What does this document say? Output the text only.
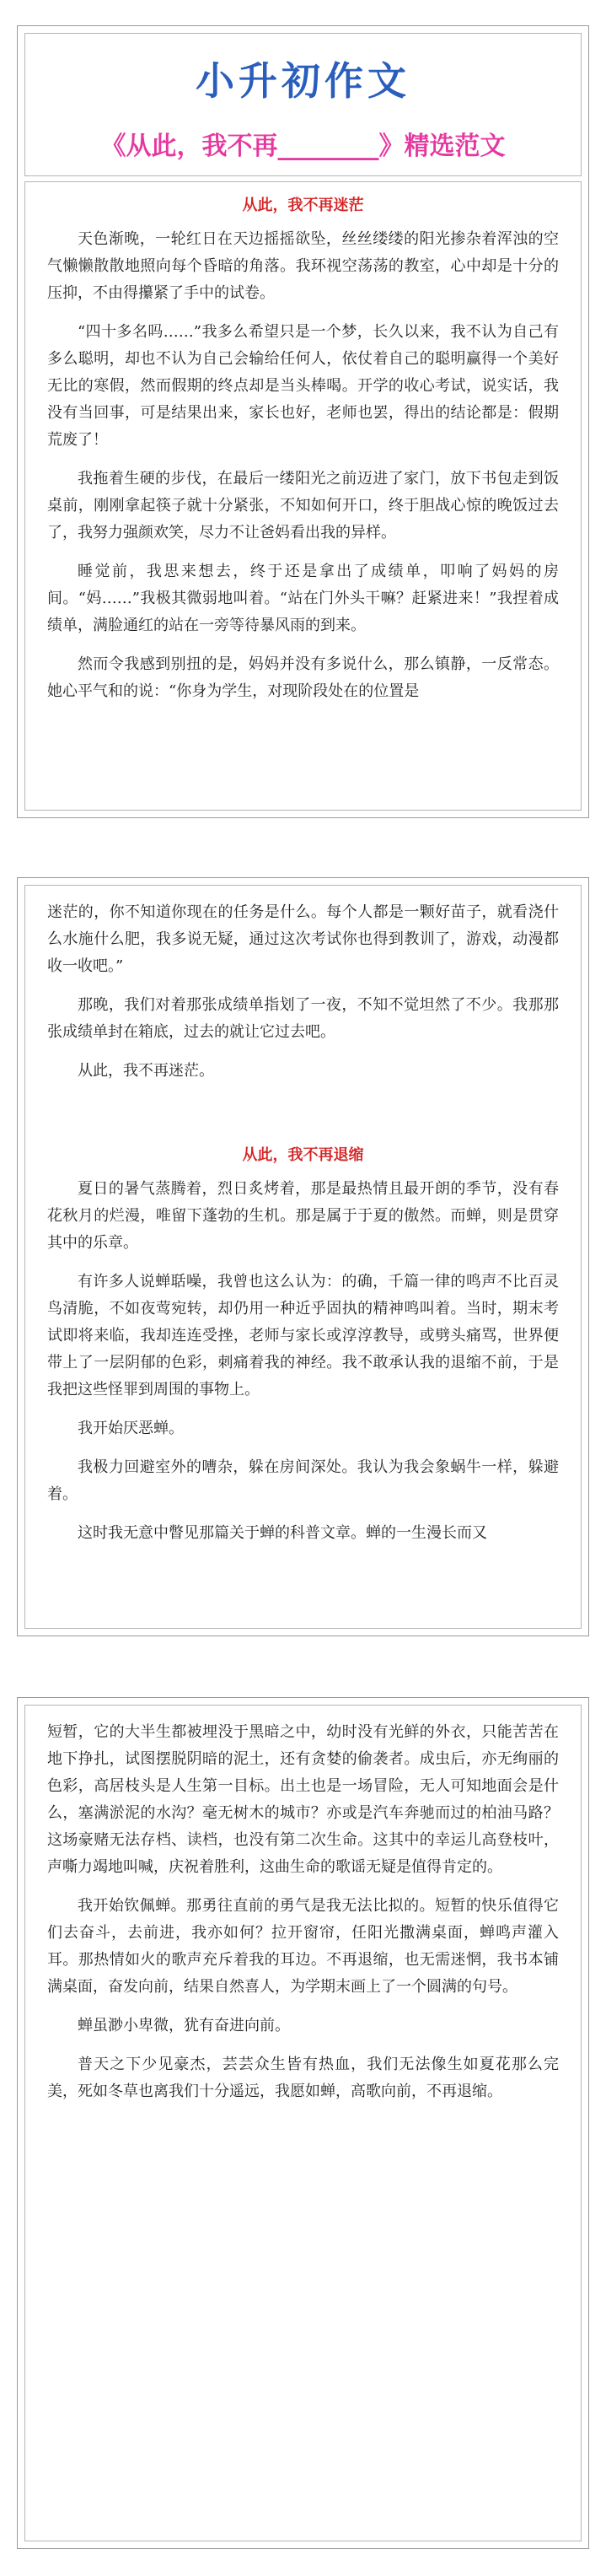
小升初作文
《从此，我不再________》精选范文
从此，我不再迷茫

天色渐晚，一轮红日在天边摇摇欲坠，丝丝缕缕的阳光掺杂着浑浊的空气懒懒散散地照向每个昏暗的角落。我环视空荡荡的教室，心中却是十分的压抑，不由得攥紧了手中的试卷。

“四十多名吗……”我多么希望只是一个梦，长久以来，我不认为自己有多么聪明，却也不认为自己会输给任何人，依仗着自己的聪明赢得一个美好无比的寒假，然而假期的终点却是当头棒喝。开学的收心考试，说实话，我没有当回事，可是结果出来，家长也好，老师也罢，得出的结论都是：假期荒废了！

我拖着生硬的步伐，在最后一缕阳光之前迈进了家门，放下书包走到饭桌前，刚刚拿起筷子就十分紧张，不知如何开口，终于胆战心惊的晚饭过去了，我努力强颜欢笑，尽力不让爸妈看出我的异样。

睡觉前，我思来想去，终于还是拿出了成绩单，叩响了妈妈的房间。“妈……”我极其微弱地叫着。“站在门外头干嘛？赶紧进来！”我捏着成绩单，满脸通红的站在一旁等待暴风雨的到来。

然而令我感到别扭的是，妈妈并没有多说什么，那么镇静，一反常态。她心平气和的说：“你身为学生，对现阶段处在的位置是

迷茫的，你不知道你现在的任务是什么。每个人都是一颗好苗子，就看浇什么水施什么肥，我多说无疑，通过这次考试你也得到教训了，游戏，动漫都收一收吧。”

那晚，我们对着那张成绩单指划了一夜，不知不觉坦然了不少。我那那张成绩单封在箱底，过去的就让它过去吧。

从此，我不再迷茫。

从此，我不再退缩

夏日的暑气蒸腾着，烈日炙烤着，那是最热情且最开朗的季节，没有春花秋月的烂漫，唯留下蓬勃的生机。那是属于于夏的傲然。而蝉，则是贯穿其中的乐章。

有许多人说蝉聒噪，我曾也这么认为：的确，千篇一律的鸣声不比百灵鸟清脆，不如夜莺宛转，却仍用一种近乎固执的精神鸣叫着。当时，期末考试即将来临，我却连连受挫，老师与家长或淳淳教导，或劈头痛骂，世界便带上了一层阴郁的色彩，刺痛着我的神经。我不敢承认我的退缩不前，于是我把这些怪罪到周围的事物上。

我开始厌恶蝉。

我极力回避室外的嘈杂，躲在房间深处。我认为我会象蜗牛一样，躲避着。

这时我无意中瞥见那篇关于蝉的科普文章。蝉的一生漫长而又

短暂，它的大半生都被埋没于黑暗之中，幼时没有光鲜的外衣，只能苦苦在地下挣扎，试图摆脱阴暗的泥土，还有贪婪的偷袭者。成虫后，亦无绚丽的色彩，高居枝头是人生第一目标。出土也是一场冒险，无人可知地面会是什么，塞满淤泥的水沟？毫无树木的城市？亦或是汽车奔驰而过的柏油马路？这场豪赌无法存档、读档，也没有第二次生命。这其中的幸运儿高登枝叶，声嘶力竭地叫喊，庆祝着胜利，这曲生命的歌谣无疑是值得肯定的。

我开始钦佩蝉。那勇往直前的勇气是我无法比拟的。短暂的快乐值得它们去奋斗，去前进，我亦如何？拉开窗帘，任阳光撒满桌面，蝉鸣声灌入耳。那热情如火的歌声充斥着我的耳边。不再退缩，也无需迷惘，我书本铺满桌面，奋发向前，结果自然喜人，为学期末画上了一个圆满的句号。

蝉虽渺小卑微，犹有奋进向前。

普天之下少见豪杰，芸芸众生皆有热血，我们无法像生如夏花那么完美，死如冬草也离我们十分遥远，我愿如蝉，高歌向前，不再退缩。
